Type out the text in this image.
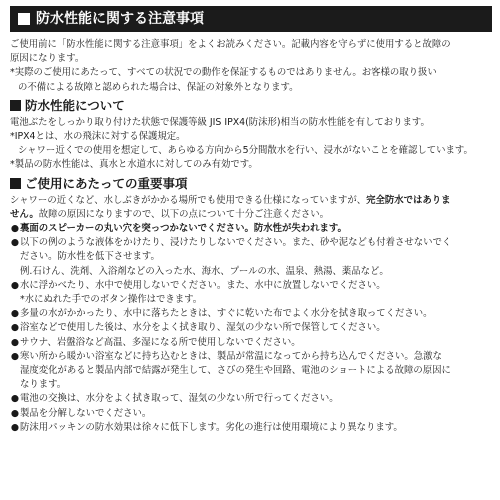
防水性能に関する注意事項

ご使用前に「防水性能に関する注意事項」をよくお読みください。記載内容を守らずに使用すると故障の

原因になります。

*実際のご使用にあたって、すべての状況での動作を保証するものではありません。お客様の取り扱い

の不備による故障と認められた場合は、保証の対象外となります。

防水性能について

電池ぶたをしっかり取り付けた状態で保護等級 JIS IPX4(防沫形)相当の防水性能を有しております。

*IPX4とは、水の飛沫に対する保護規定。

シャワー近くでの使用を想定して、あらゆる方向から5分間散水を行い、浸水がないことを確認しています。

*製品の防水性能は、真水と水道水に対してのみ有効です。

ご使用にあたっての重要事項

シャワーの近くなど、水しぶきがかかる場所でも使用できる仕様になっていますが、完全防水ではありま

せん。故障の原因になりますので、以下の点について十分ご注意ください。

● 裏面のスピーカーの丸い穴を突っつかないでください。防水性が失われます。
● 以下の例のような液体をかけたり、浸けたりしないでください。また、砂や泥なども付着させないでく
ださい。防水性を低下させます。
例.石けん、洗剤、入浴剤などの入った水、海水、プールの水、温泉、熱湯、薬品など。
● 水に浮かべたり、水中で使用しないでください。また、水中に放置しないでください。
*水にぬれた手でのボタン操作はできます。
● 多量の水がかかったり、水中に落ちたときは、すぐに乾いた布でよく水分を拭き取ってください。
● 浴室などで使用した後は、水分をよく拭き取り、湿気の少ない所で保管してください。
● サウナ、岩盤浴など高温、多湿になる所で使用しないでください。
● 寒い所から暖かい浴室などに持ち込むときは、製品が常温になってから持ち込んでください。急激な
湿度変化があると製品内部で結露が発生して、さびの発生や回路、電池のショートによる故障の原因に
なります。
● 電池の交換は、水分をよく拭き取って、湿気の少ない所で行ってください。
● 製品を分解しないでください。
● 防沫用パッキンの防水効果は徐々に低下します。劣化の進行は使用環境により異なります。
